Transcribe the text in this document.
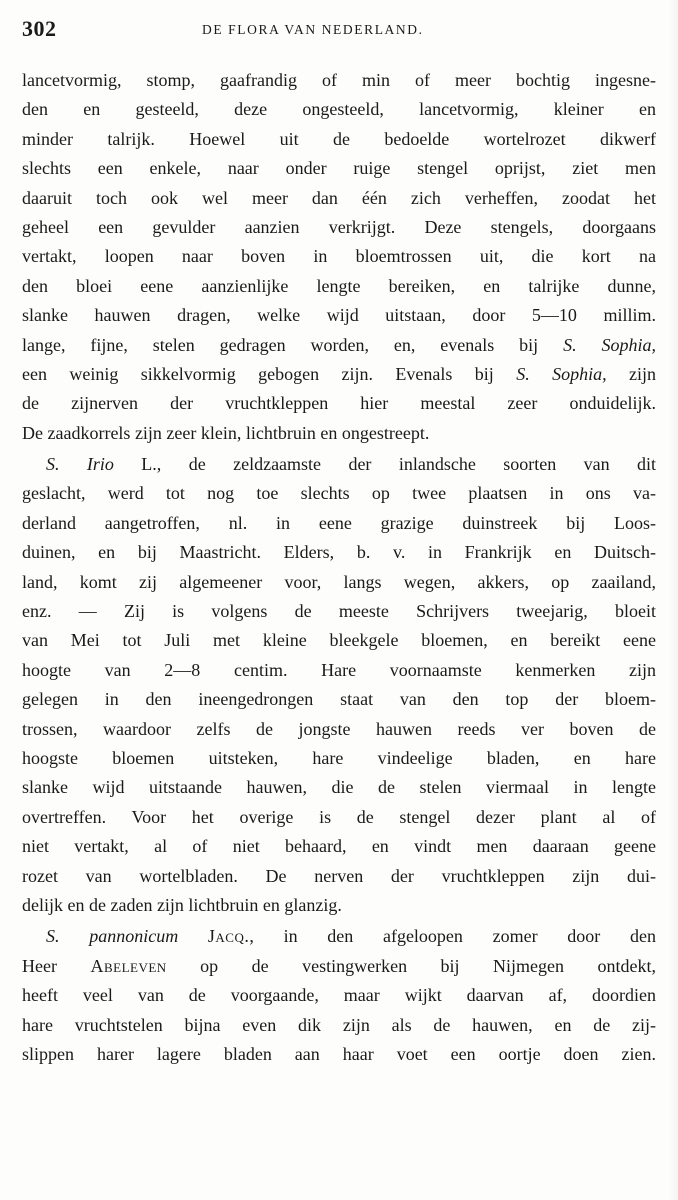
302	DE FLORA VAN NEDERLAND.
lancetvormig, stomp, gaafrandig of min of meer bochtig ingesne-
den en gesteeld, deze ongesteeld, lancetvormig, kleiner en
minder talrijk. Hoewel uit de bedoelde wortelrozet dikwerf
slechts een enkele, naar onder ruige stengel oprijst, ziet men
daaruit toch ook wel meer dan één zich verheffen, zoodat het
geheel een gevulder aanzien verkrijgt. Deze stengels, doorgaans
vertakt, loopen naar boven in bloemtrossen uit, die kort na
den bloei eene aanzienlijke lengte bereiken, en talrijke dunne,
slanke hauwen dragen, welke wijd uitstaan, door 5—10 millim.
lange, fijne, stelen gedragen worden, en, evenals bij S. Sophia,
een weinig sikkelvormig gebogen zijn. Evenals bij S. Sophia, zijn
de zijnerven der vruchtkleppen hier meestal zeer onduidelijk.
De zaadkorrels zijn zeer klein, lichtbruin en ongestreept.
S. Irio L., de zeldzaamste der inlandsche soorten van dit
geslacht, werd tot nog toe slechts op twee plaatsen in ons va-
derland aangetroffen, nl. in eene grazige duinstreek bij Loos-
duinen, en bij Maastricht. Elders, b. v. in Frankrijk en Duitsch-
land, komt zij algemeener voor, langs wegen, akkers, op zaailand,
enz. — Zij is volgens de meeste Schrijvers tweejarig, bloeit
van Mei tot Juli met kleine bleekgele bloemen, en bereikt eene
hoogte van 2—8 centim. Hare voornaamste kenmerken zijn
gelegen in den ineengedrongen staat van den top der bloem-
trossen, waardoor zelfs de jongste hauwen reeds ver boven de
hoogste bloemen uitsteken, hare vindeelige bladen, en hare
slanke wijd uitstaande hauwen, die de stelen viermaal in lengte
overtreffen. Voor het overige is de stengel dezer plant al of
niet vertakt, al of niet behaard, en vindt men daaraan geene
rozet van wortelbladen. De nerven der vruchtkleppen zijn dui-
delijk en de zaden zijn lichtbruin en glanzig.
S. pannonicum Jacq., in den afgeloopen zomer door den
Heer Abeleven op de vestingwerken bij Nijmegen ontdekt,
heeft veel van de voorgaande, maar wijkt daarvan af, doordien
hare vruchtstelen bijna even dik zijn als de hauwen, en de zij-
slippen harer lagere bladen aan haar voet een oortje doen zien.
